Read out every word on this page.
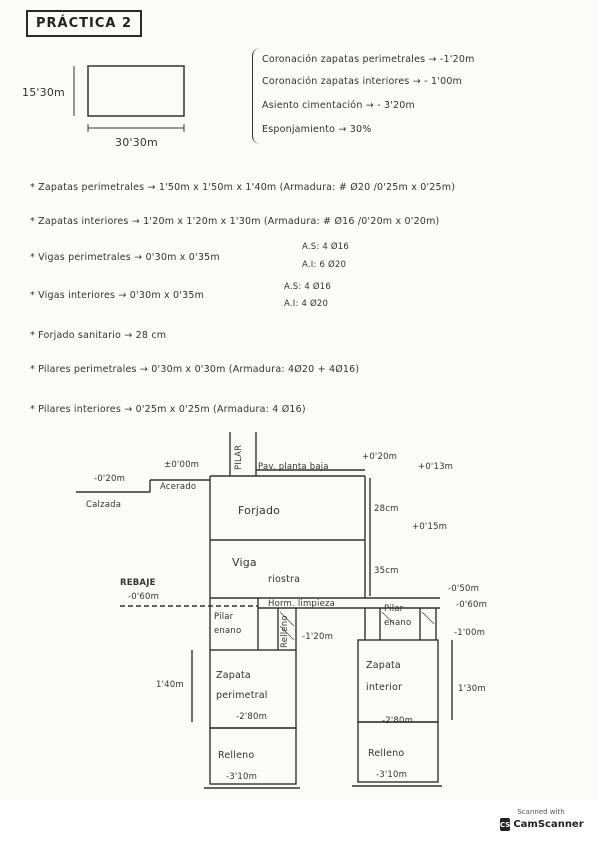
PRÁCTICA 2
15'30m
30'30m
Coronación zapatas perimetrales → -1'20m
Coronación zapatas interiores → - 1'00m
Asiento cimentación → - 3'20m
Esponjamiento → 30%
* Zapatas perimetrales → 1'50m x 1'50m x 1'40m (Armadura: # Ø20 /0'25m x 0'25m)
* Zapatas interiores → 1'20m x 1'20m x 1'30m (Armadura: # Ø16 /0'20m x 0'20m)
* Vigas perimetrales → 0'30m x 0'35m
A.S: 4 Ø16
A.I: 6 Ø20
* Vigas interiores → 0'30m x 0'35m
A.S: 4 Ø16
A.I: 4 Ø20
* Forjado sanitario → 28 cm
* Pilares perimetrales → 0'30m x 0'30m (Armadura: 4Ø20 + 4Ø16)
* Pilares interiores → 0'25m x 0'25m (Armadura: 4 Ø16)
PILAR Pav. planta baja
+0'20m
+0'13m
±0'00m
-0'20m
Acerado
Calzada	Forjado	28cm
+0'15m
Viga
riostra
35cm
REBAJE
-0'60m
-0'50m
-0'60m
Horm. limpieza
Pilar
enano
Pilar
enano
-1'20m	-1'00m
Zapata
perimetral
Zapata
interior
1'40m	1'30m
-2'80m	-2'80m
Relleno	Relleno
-3'10m	-3'10m
Relleno
Scanned with
CS CamScanner
